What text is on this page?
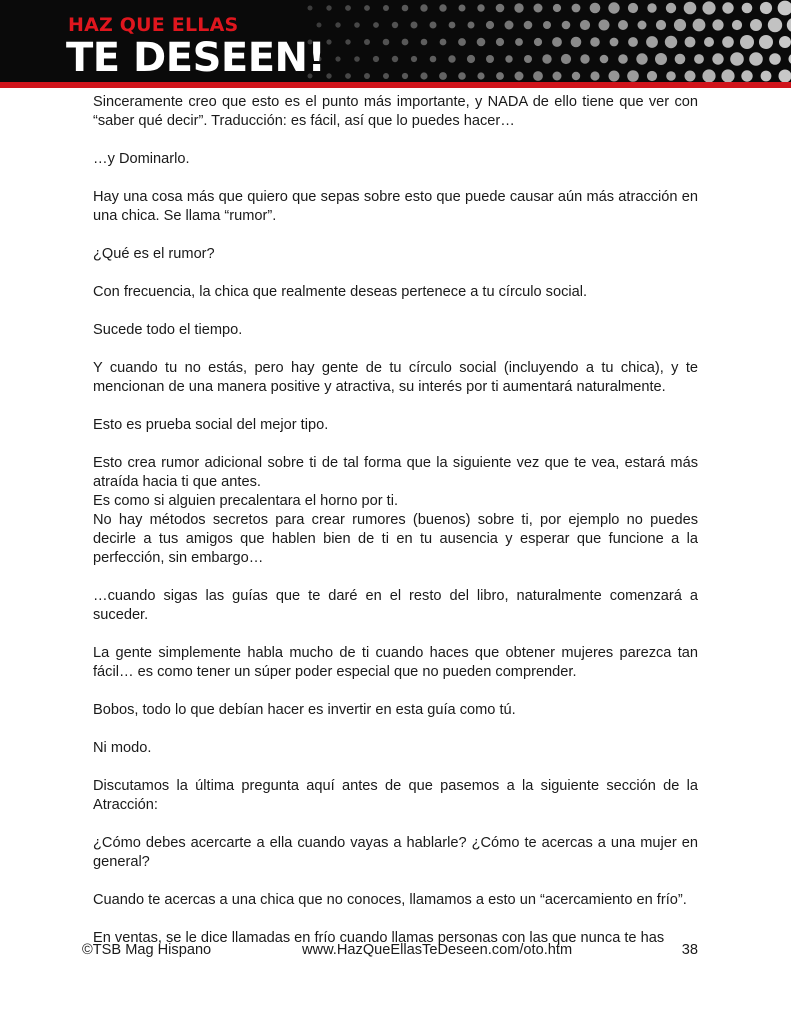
HAZ QUE ELLAS
TE DESEEN!

Sinceramente creo que esto es el punto más importante, y NADA de ello tiene que ver con “saber qué decir”. Traducción: es fácil, así que lo puedes hacer…

…y Dominarlo.

Hay una cosa más que quiero que sepas sobre esto que puede causar aún más atracción en una chica. Se llama “rumor”.

¿Qué es el rumor?

Con frecuencia, la chica que realmente deseas pertenece a tu círculo social.

Sucede todo el tiempo.

Y cuando tu no estás, pero hay gente de tu círculo social (incluyendo a tu chica), y te mencionan de una manera positive y atractiva, su interés por ti aumentará naturalmente.

Esto es prueba social del mejor tipo.

Esto crea rumor adicional sobre ti de tal forma que la siguiente vez que te vea, estará más atraída hacia ti que antes.

Es como si alguien precalentara el horno por ti.

No hay métodos secretos para crear rumores (buenos) sobre ti, por ejemplo no puedes decirle a tus amigos que hablen bien de ti en tu ausencia y esperar que funcione a la perfección, sin embargo…

…cuando sigas las guías que te daré en el resto del libro, naturalmente comenzará a suceder.

La gente simplemente habla mucho de ti cuando haces que obtener mujeres parezca tan fácil… es como tener un súper poder especial que no pueden comprender.

Bobos, todo lo que debían hacer es invertir en esta guía como tú.

Ni modo.

Discutamos la última pregunta aquí antes de que pasemos a la siguiente sección de la Atracción:

¿Cómo debes acercarte a ella cuando vayas a hablarle? ¿Cómo te acercas a una mujer en general?

Cuando te acercas a una chica que no conoces, llamamos a esto un “acercamiento en frío”.

En ventas, se le dice llamadas en frío cuando llamas personas con las que nunca te has

©TSB Mag Hispano	www.HazQueEllasTeDeseen.com/oto.htm	38
